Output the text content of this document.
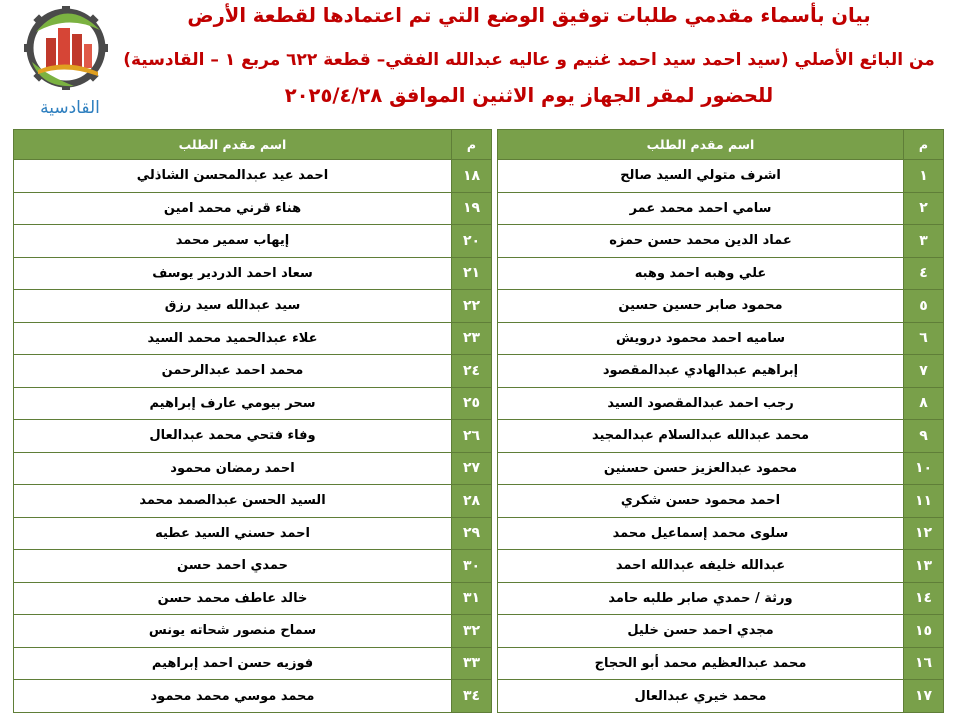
بيان بأسماء مقدمي طلبات توفيق الوضع التي تم اعتمادها لقطعة الأرض
من البائع الأصلي (سيد احمد سيد احمد غنيم و عاليه عبدالله الفقي– قطعة ٦٢٢ مربع ١ – القادسية)
للحضور لمقر الجهاز يوم الاثنين الموافق ٢٠٢٥/٤/٢٨
القادسية
م	اسم مقدم الطلب		م	اسم مقدم الطلب
١	اشرف متولي السيد صالح		١٨	احمد عيد عبدالمحسن الشاذلي
٢	سامي احمد محمد عمر		١٩	هناء قرني محمد امين
٣	عماد الدين محمد حسن حمزه		٢٠	إيهاب سمير محمد
٤	علي وهبه احمد وهبه		٢١	سعاد احمد الدردير يوسف
٥	محمود صابر حسين حسين		٢٢	سيد عبدالله سيد رزق
٦	ساميه احمد محمود درويش		٢٣	علاء عبدالحميد محمد السيد
٧	إبراهيم عبدالهادي عبدالمقصود		٢٤	محمد احمد عبدالرحمن
٨	رجب احمد عبدالمقصود السيد		٢٥	سحر بيومي عارف إبراهيم
٩	محمد عبدالله عبدالسلام عبدالمجيد		٢٦	وفاء فتحي محمد عبدالعال
١٠	محمود عبدالعزيز حسن حسنين		٢٧	احمد رمضان محمود
١١	احمد محمود حسن شكري		٢٨	السيد الحسن عبدالصمد محمد
١٢	سلوى محمد إسماعيل محمد		٢٩	احمد حسني السيد عطيه
١٣	عبدالله خليفه عبدالله احمد		٣٠	حمدي احمد حسن
١٤	ورثة / حمدي صابر طلبه حامد		٣١	خالد عاطف محمد حسن
١٥	مجدي احمد حسن خليل		٣٢	سماح منصور شحاته يونس
١٦	محمد عبدالعظيم محمد أبو الحجاج		٣٣	فوزيه حسن احمد إبراهيم
١٧	محمد خيري عبدالعال		٣٤	محمد موسي محمد محمود
